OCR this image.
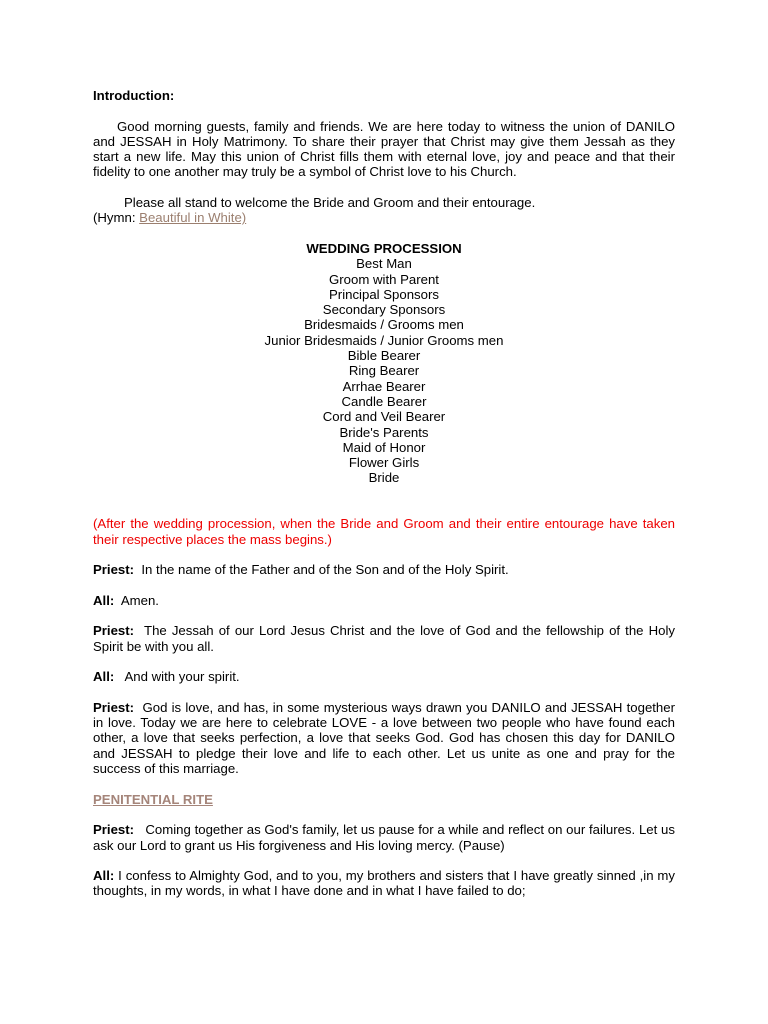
Introduction:

Good morning guests, family and friends. We are here today to witness the union of DANILO and JESSAH in Holy Matrimony. To share their prayer that Christ may give them Jessah as they start a new life. May this union of Christ fills them with eternal love, joy and peace and that their fidelity to one another may truly be a symbol of Christ love to his Church.

Please all stand to welcome the Bride and Groom and their entourage.

(Hymn: Beautiful in White)

WEDDING PROCESSION

Best Man
Groom with Parent
Principal Sponsors
Secondary Sponsors
Bridesmaids / Grooms men
Junior Bridesmaids / Junior Grooms men
Bible Bearer
Ring Bearer
Arrhae Bearer
Candle Bearer
Cord and Veil Bearer
Bride's Parents
Maid of Honor
Flower Girls
Bride

(After the wedding procession, when the Bride and Groom and their entire entourage have taken their respective places the mass begins.)

Priest: In the name of the Father and of the Son and of the Holy Spirit.

All: Amen.

Priest: The Jessah of our Lord Jesus Christ and the love of God and the fellowship of the Holy Spirit be with you all.

All: And with your spirit.

Priest: God is love, and has, in some mysterious ways drawn you DANILO and JESSAH together in love. Today we are here to celebrate LOVE - a love between two people who have found each other, a love that seeks perfection, a love that seeks God. God has chosen this day for DANILO and JESSAH to pledge their love and life to each other. Let us unite as one and pray for the success of this marriage.

PENITENTIAL RITE

Priest: Coming together as God's family, let us pause for a while and reflect on our failures. Let us ask our Lord to grant us His forgiveness and His loving mercy. (Pause)

All: I confess to Almighty God, and to you, my brothers and sisters that I have greatly sinned ,in my thoughts, in my words, in what I have done and in what I have failed to do;
